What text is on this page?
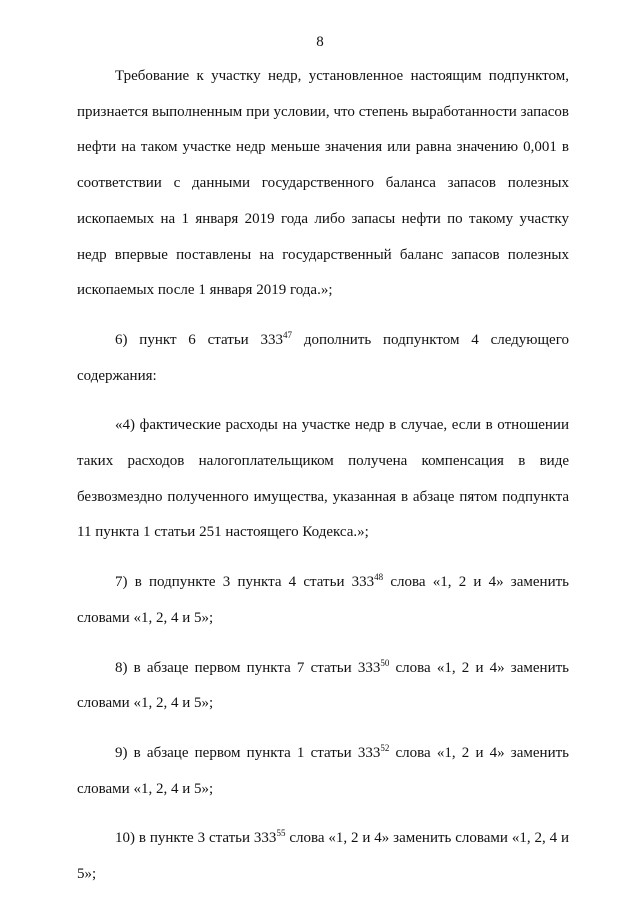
8

Требование к участку недр, установленное настоящим подпунктом, признается выполненным при условии, что степень выработанности запасов нефти на таком участке недр меньше значения или равна значению 0,001 в соответствии с данными государственного баланса запасов полезных ископаемых на 1 января 2019 года либо запасы нефти по такому участку недр впервые поставлены на государственный баланс запасов полезных ископаемых после 1 января 2019 года.»;

6) пункт 6 статьи $333^{47}$ дополнить подпунктом 4 следующего содержания:

«4) фактические расходы на участке недр в случае, если в отношении таких расходов налогоплательщиком получена компенсация в виде безвозмездно полученного имущества, указанная в абзаце пятом подпункта 11 пункта 1 статьи 251 настоящего Кодекса.»;

7) в подпункте 3 пункта 4 статьи $333^{48}$ слова «1, 2 и 4» заменить словами «1, 2, 4 и 5»;

8) в абзаце первом пункта 7 статьи $333^{50}$ слова «1, 2 и 4» заменить словами «1, 2, 4 и 5»;

9) в абзаце первом пункта 1 статьи $333^{52}$ слова «1, 2 и 4» заменить словами «1, 2, 4 и 5»;

10) в пункте 3 статьи $333^{55}$ слова «1, 2 и 4» заменить словами «1, 2, 4 и 5»;
